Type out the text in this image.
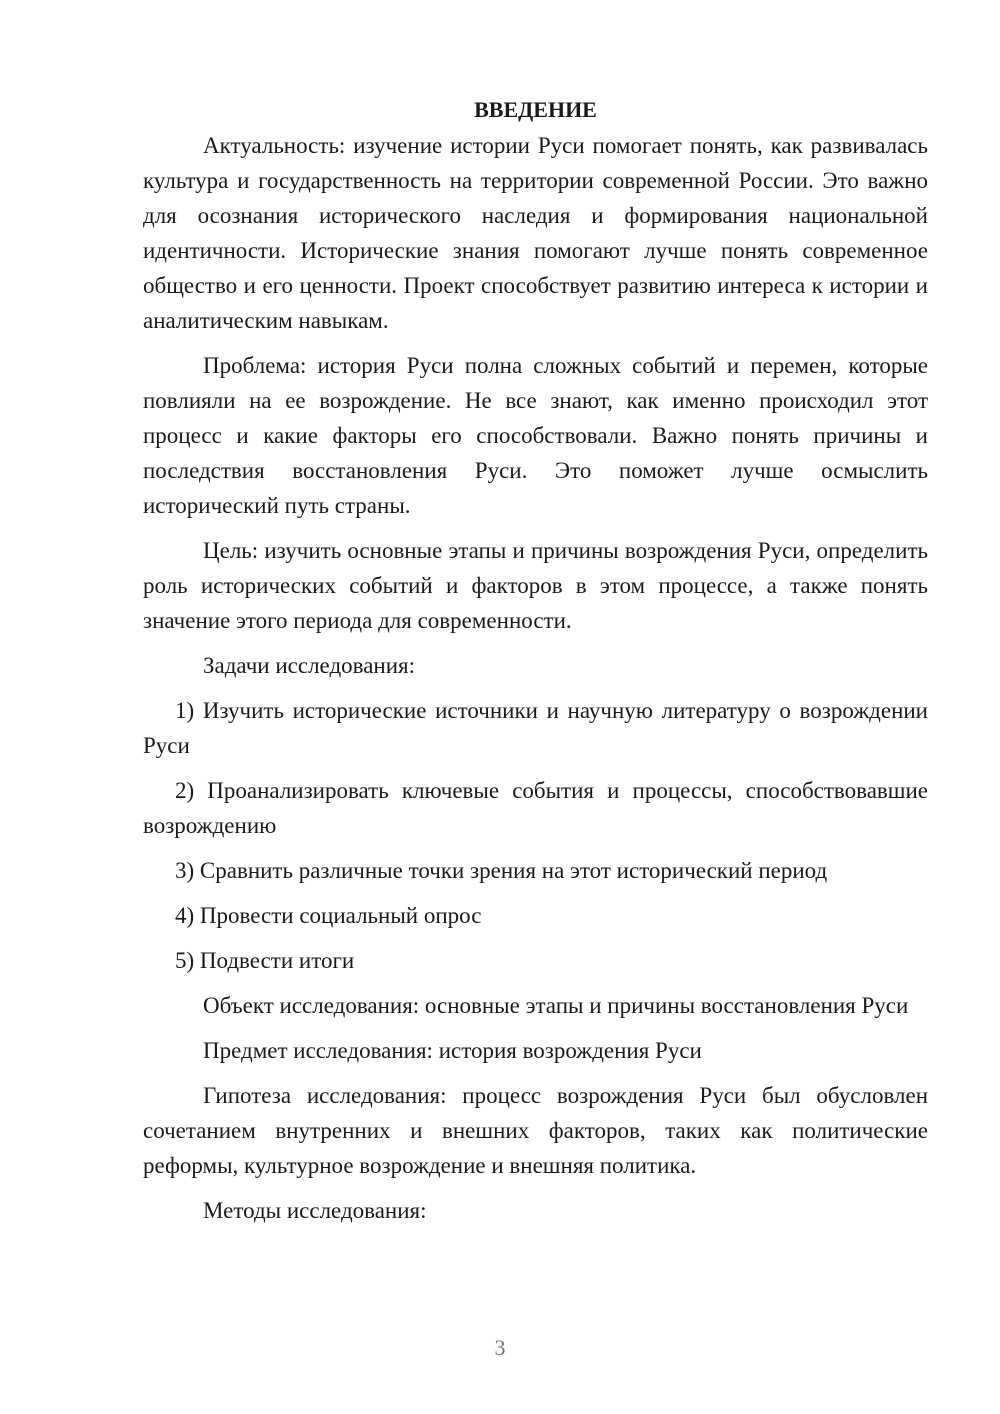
ВВЕДЕНИЕ

Актуальность: изучение истории Руси помогает понять, как развивалась культура и государственность на территории современной России. Это важно для осознания исторического наследия и формирования национальной идентичности. Исторические знания помогают лучше понять современное общество и его ценности. Проект способствует развитию интереса к истории и аналитическим навыкам.

Проблема: история Руси полна сложных событий и перемен, которые повлияли на ее возрождение. Не все знают, как именно происходил этот процесс и какие факторы его способствовали. Важно понять причины и последствия восстановления Руси. Это поможет лучше осмыслить исторический путь страны.

Цель: изучить основные этапы и причины возрождения Руси, определить роль исторических событий и факторов в этом процессе, а также понять значение этого периода для современности.

Задачи исследования:

1) Изучить исторические источники и научную литературу о возрождении Руси

2) Проанализировать ключевые события и процессы, способствовавшие возрождению

3) Сравнить различные точки зрения на этот исторический период

4) Провести социальный опрос

5) Подвести итоги

Объект исследования: основные этапы и причины восстановления Руси

Предмет исследования: история возрождения Руси

Гипотеза исследования: процесс возрождения Руси был обусловлен сочетанием внутренних и внешних факторов, таких как политические реформы, культурное возрождение и внешняя политика.

Методы исследования:

3
